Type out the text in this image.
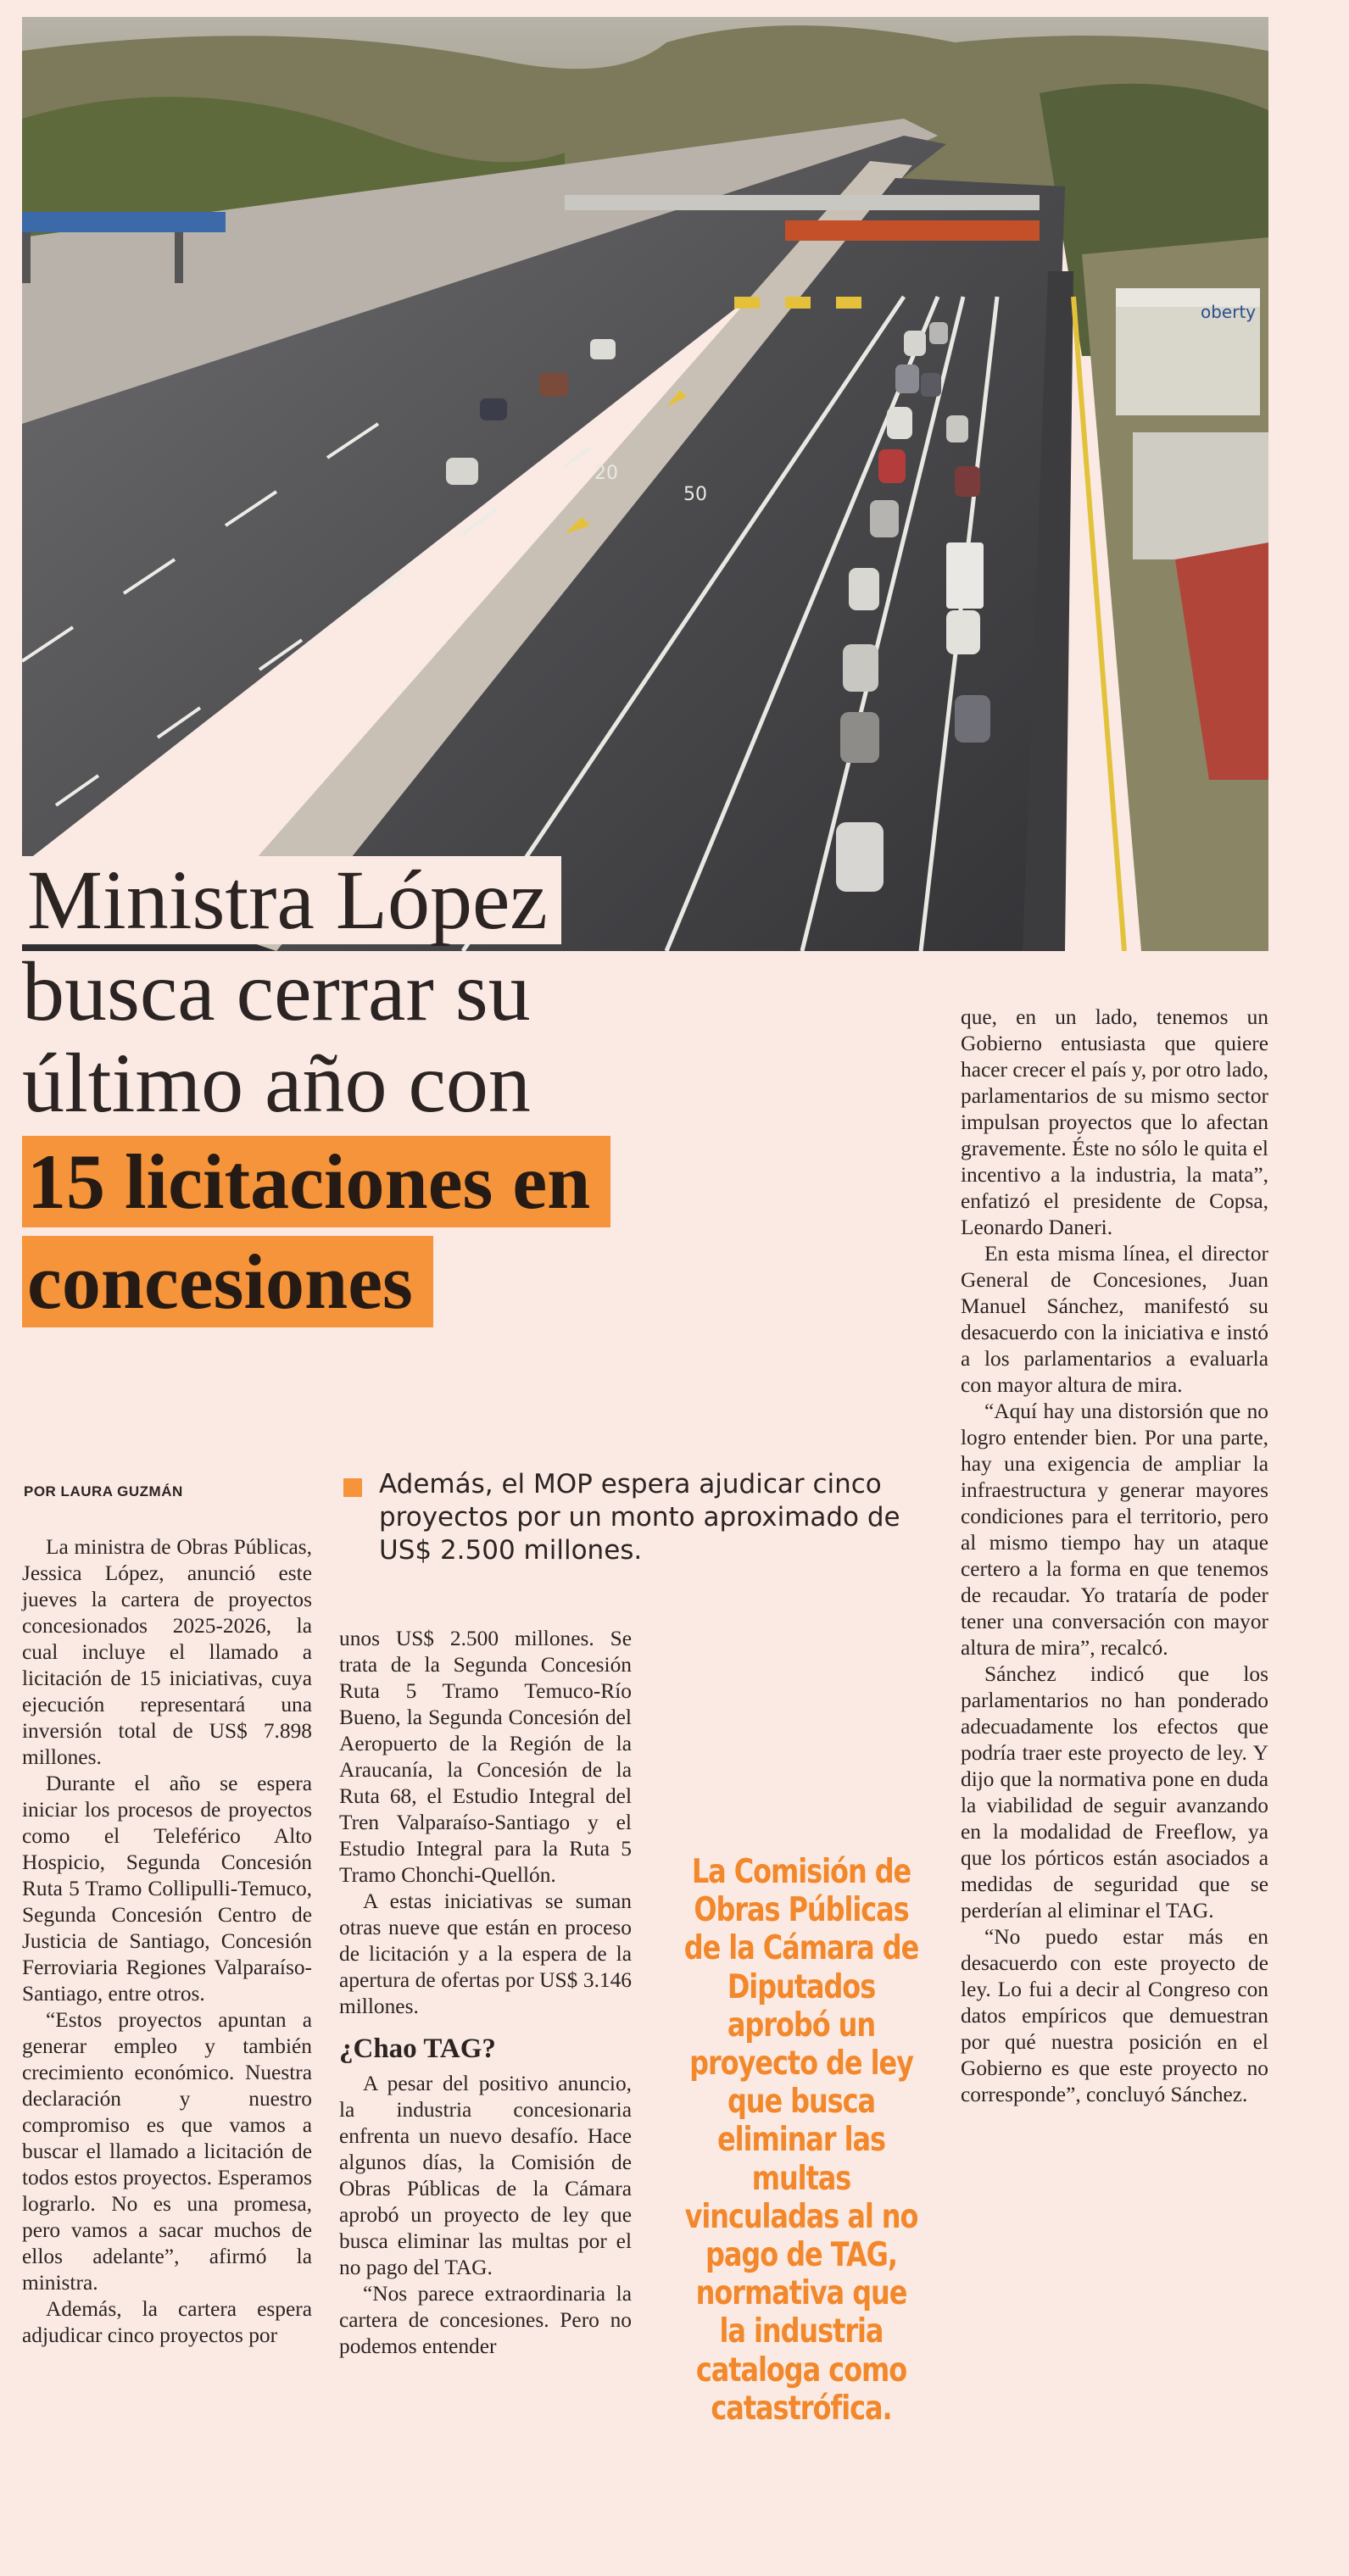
20
50
oberty
Ministra López
busca cerrar su
último año con
15 licitaciones en
concesiones
POR LAURA GUZMÁN	Además, el MOP espera ajudicar cinco proyectos por un monto aproximado de US$ 2.500 millones.

La ministra de Obras Públicas, Jessica López, anunció este jueves la cartera de proyectos concesionados 2025-2026, la cual incluye el llamado a licitación de 15 iniciativas, cuya ejecución representará una inversión total de US$ 7.898 millones.

Durante el año se espera iniciar los procesos de proyectos como el Teleférico Alto Hospicio, Segunda Concesión Ruta 5 Tramo Collipulli-Temuco, Segunda Concesión Centro de Justicia de Santiago, Concesión Ferroviaria Regiones Valparaíso-Santiago, entre otros.

“Estos proyectos apuntan a generar empleo y también crecimiento económico. Nuestra declaración y nuestro compromiso es que vamos a buscar el llamado a licitación de todos estos proyectos. Esperamos lograrlo. No es una promesa, pero vamos a sacar muchos de ellos adelante”, afirmó la ministra.

Además, la cartera espera adjudicar cinco proyectos por

unos US$ 2.500 millones. Se trata de la Segunda Concesión Ruta 5 Tramo Temuco-Río Bueno, la Segunda Concesión del Aeropuerto de la Región de la Araucanía, la Concesión de la Ruta 68, el Estudio Integral del Tren Valparaíso-Santiago y el Estudio Integral para la Ruta 5 Tramo Chonchi-Quellón.

A estas iniciativas se suman otras nueve que están en proceso de licitación y a la espera de la apertura de ofertas por US$ 3.146 millones.

¿Chao TAG?

A pesar del positivo anuncio, la industria concesionaria enfrenta un nuevo desafío. Hace algunos días, la Comisión de Obras Públicas de la Cámara aprobó un proyecto de ley que busca eliminar las multas por el no pago del TAG.

“Nos parece extraordinaria la cartera de concesiones. Pero no podemos entender

La Comisión de Obras Públicas de la Cámara de Diputados aprobó un proyecto de ley que busca eliminar las multas vinculadas al no pago de TAG, normativa que la industria cataloga como catastrófica.

que, en un lado, tenemos un Gobierno entusiasta que quiere hacer crecer el país y, por otro lado, parlamentarios de su mismo sector impulsan proyectos que lo afectan gravemente. Éste no sólo le quita el incentivo a la industria, la mata”, enfatizó el presidente de Copsa, Leonardo Daneri.

En esta misma línea, el director General de Concesiones, Juan Manuel Sánchez, manifestó su desacuerdo con la iniciativa e instó a los parlamentarios a evaluarla con mayor altura de mira.

“Aquí hay una distorsión que no logro entender bien. Por una parte, hay una exigencia de ampliar la infraestructura y generar mayores condiciones para el territorio, pero al mismo tiempo hay un ataque certero a la forma en que tenemos de recaudar. Yo trataría de poder tener una conversación con mayor altura de mira”, recalcó.

Sánchez indicó que los parlamentarios no han ponderado adecuadamente los efectos que podría traer este proyecto de ley. Y dijo que la normativa pone en duda la viabilidad de seguir avanzando en la modalidad de Freeflow, ya que los pórticos están asociados a medidas de seguridad que se perderían al eliminar el TAG.

“No puedo estar más en desacuerdo con este proyecto de ley. Lo fui a decir al Congreso con datos empíricos que demuestran por qué nuestra posición en el Gobierno es que este proyecto no corresponde”, concluyó Sánchez.
